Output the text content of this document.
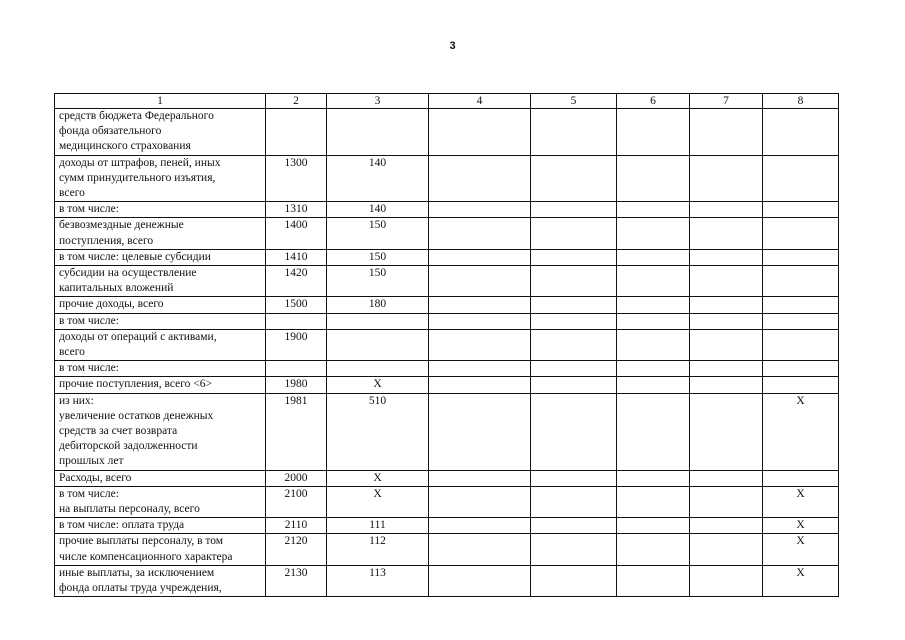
3
1	2	3	4	5	6	7	8

средств бюджета Федерального
фонда обязательного
медицинского страхования							

доходы от штрафов, пеней, иных
сумм принудительного изъятия,
всего	1300	140					

в том числе:	1310	140					

безвозмездные денежные
поступления, всего	1400	150					

в том числе: целевые субсидии	1410	150					

субсидии на осуществление
капитальных вложений	1420	150					

прочие доходы, всего	1500	180					

в том числе:							

доходы от операций с активами,
всего	1900						

в том числе:							

прочие поступления, всего <6>	1980	X					

из них:
увеличение остатков денежных
средств за счет возврата
дебиторской задолженности
прошлых лет	1981	510					X

Расходы, всего	2000	X					

в том числе:
на выплаты персоналу, всего	2100	X					X

в том числе: оплата труда	2110	111					X

прочие выплаты персоналу, в том
числе компенсационного характера	2120	112					X

иные выплаты, за исключением
фонда оплаты труда учреждения,	2130	113					X
